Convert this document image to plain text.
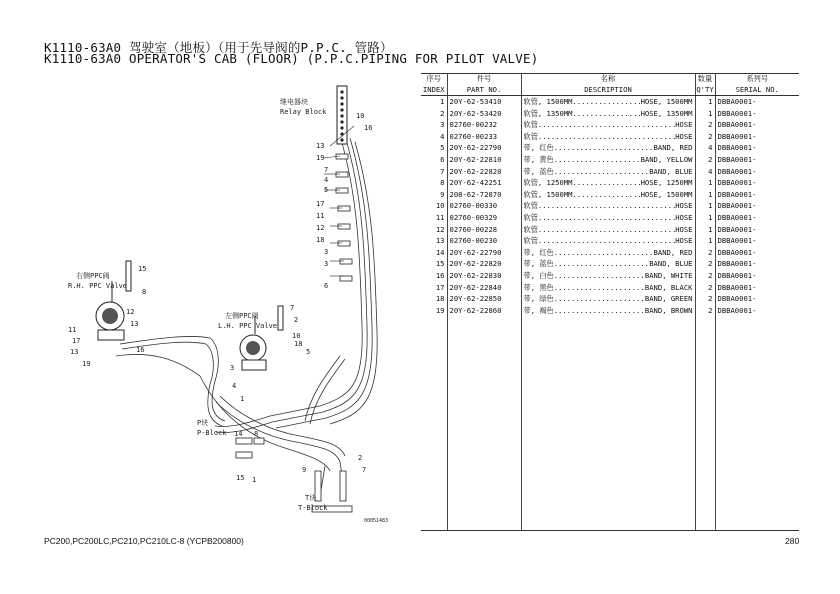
K1110-63A0 驾驶室（地板）（用于先导阀的P.P.C. 管路）
K1110-63A0 OPERATOR'S CAB (FLOOR) (P.P.C.PIPING FOR PILOT VALVE)
继电器块
Relay Block
右侧PPC阀
R.H. PPC Valve
左侧PPC阀
L.H. PPC Valve
P块
P-Block
T块
T-Block
00051483
10
16
13
19
7
4
5
17
11
12
18
3
3
6
15
8
12
13
16
11
17
13
19
7
2
10
18
5
3
4
1
14 8
15 1
9	7
2
序号	件号	名称	数量	系列号
INDEX	PART NO.	DESCRIPTION	Q'TY	SERIAL NO.
1	20Y-62-53410	软管, 1500MM ..... HOSE, 1500MM	1	DBBA0001-
2	20Y-62-53420	软管, 1350MM ..... HOSE, 1350MM	1	DBBA0001-
3	02760-00232	软管 ..... HOSE	2	DBBA0001-
4	02760-00233	软管 ..... HOSE	2	DBBA0001-
5	20Y-62-22790	带, 红色 ..... BAND, RED	4	DBBA0001-
6	20Y-62-22810	带, 黄色 ..... BAND, YELLOW	2	DBBA0001-
7	20Y-62-22820	带, 蓝色 ..... BAND, BLUE	4	DBBA0001-
8	20Y-62-42251	软管, 1250MM ..... HOSE, 1250MM	1	DBBA0001-
9	208-62-72870	软管, 1500MM ..... HOSE, 1500MM	1	DBBA0001-
10	02760-00330	软管 ..... HOSE	1	DBBA0001-
11	02760-00329	软管 ..... HOSE	1	DBBA0001-
12	02760-00228	软管 ..... HOSE	1	DBBA0001-
13	02760-00230	软管 ..... HOSE	1	DBBA0001-
14	20Y-62-22790	带, 红色 ..... BAND, RED	2	DBBA0001-
15	20Y-62-22820	带, 蓝色 ..... BAND, BLUE	2	DBBA0001-
16	20Y-62-22830	带, 白色 ..... BAND, WHITE	2	DBBA0001-
17	20Y-62-22840	带, 黑色 ..... BAND, BLACK	2	DBBA0001-
18	20Y-62-22850	带, 绿色 ..... BAND, GREEN	2	DBBA0001-
19	20Y-62-22860	带, 褐色 ..... BAND, BROWN	2	DBBA0001-

PC200,PC200LC,PC210,PC210LC-8 (YCPB200800)	280
